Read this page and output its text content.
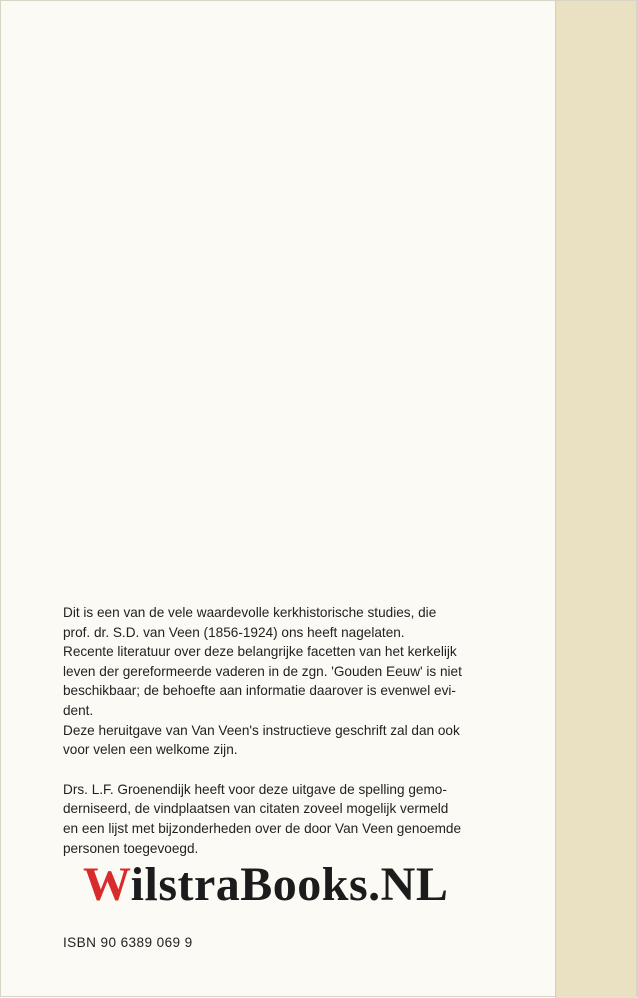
Dit is een van de vele waardevolle kerkhistorische studies, die

prof. dr. S.D. van Veen (1856-1924) ons heeft nagelaten.

Recente literatuur over deze belangrijke facetten van het kerkelijk

leven der gereformeerde vaderen in de zgn. 'Gouden Eeuw' is niet

beschikbaar; de behoefte aan informatie daarover is evenwel evi-

dent.

Deze heruitgave van Van Veen's instructieve geschrift zal dan ook

voor velen een welkome zijn.

Drs. L.F. Groenendijk heeft voor deze uitgave de spelling gemo-

derniseerd, de vindplaatsen van citaten zoveel mogelijk vermeld

en een lijst met bijzonderheden over de door Van Veen genoemde

personen toegevoegd.

WilstraBooks.NL
ISBN 90 6389 069 9
